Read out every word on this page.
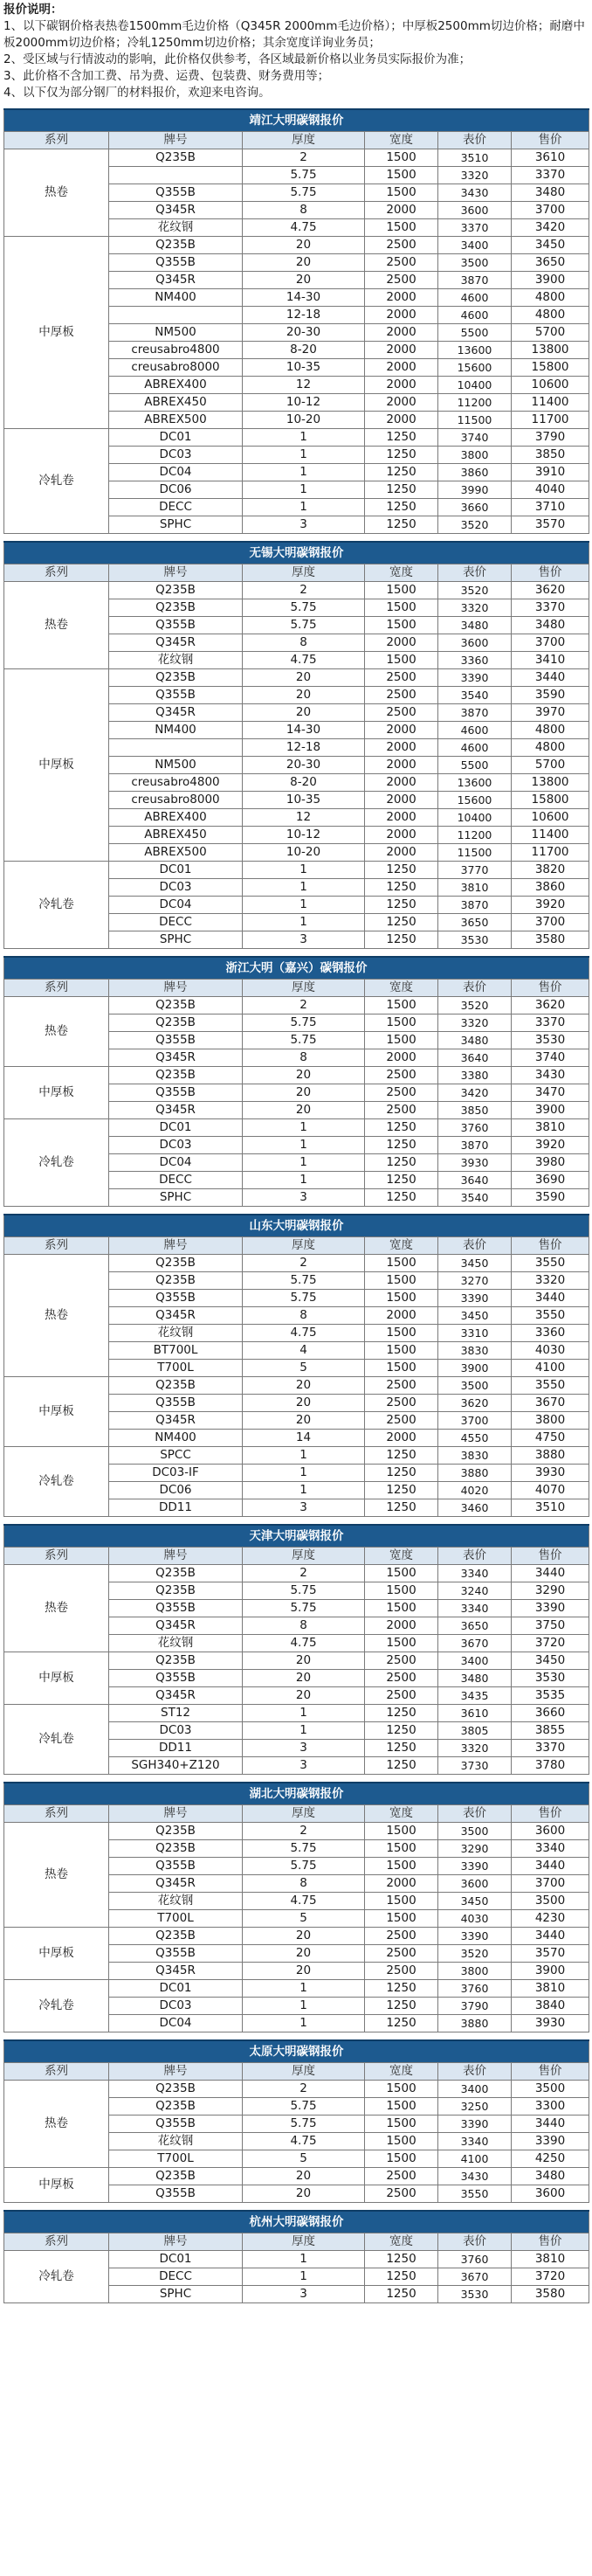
报价说明：

1、以下碳钢价格表热卷1500mm毛边价格（Q345R 2000mm毛边价格）；中厚板2500mm切边价格；耐磨中板2000mm切边价格；冷轧1250mm切边价格；其余宽度详询业务员；

2、受区域与行情波动的影响，此价格仅供参考，各区域最新价格以业务员实际报价为准；

3、此价格不含加工费、吊为费、运费、包装费、财务费用等；

4、以下仅为部分钢厂的材料报价，欢迎来电咨询。

靖江大明碳钢报价					
系列	牌号	厚度	宽度	表价	售价
热卷	Q235B	2	1500	3510	3610
		5.75	1500	3320	3370
	Q355B	5.75	1500	3430	3480
	Q345R	8	2000	3600	3700
	花纹钢	4.75	1500	3370	3420
中厚板	Q235B	20	2500	3400	3450
	Q355B	20	2500	3500	3650
	Q345R	20	2500	3870	3900
	NM400	14-30	2000	4600	4800
		12-18	2000	4600	4800
	NM500	20-30	2000	5500	5700
	creusabro4800	8-20	2000	13600	13800
	creusabro8000	10-35	2000	15600	15800
	ABREX400	12	2000	10400	10600
	ABREX450	10-12	2000	11200	11400
	ABREX500	10-20	2000	11500	11700
冷轧卷	DC01	1	1250	3740	3790
	DC03	1	1250	3800	3850
	DC04	1	1250	3860	3910
	DC06	1	1250	3990	4040
	DECC	1	1250	3660	3710
	SPHC	3	1250	3520	3570
无锡大明碳钢报价					
系列	牌号	厚度	宽度	表价	售价
热卷	Q235B	2	1500	3520	3620
	Q235B	5.75	1500	3320	3370
	Q355B	5.75	1500	3480	3480
	Q345R	8	2000	3600	3700
	花纹钢	4.75	1500	3360	3410
中厚板	Q235B	20	2500	3390	3440
	Q355B	20	2500	3540	3590
	Q345R	20	2500	3870	3970
	NM400	14-30	2000	4600	4800
		12-18	2000	4600	4800
	NM500	20-30	2000	5500	5700
	creusabro4800	8-20	2000	13600	13800
	creusabro8000	10-35	2000	15600	15800
	ABREX400	12	2000	10400	10600
	ABREX450	10-12	2000	11200	11400
	ABREX500	10-20	2000	11500	11700
冷轧卷	DC01	1	1250	3770	3820
	DC03	1	1250	3810	3860
	DC04	1	1250	3870	3920
	DECC	1	1250	3650	3700
	SPHC	3	1250	3530	3580
浙江大明（嘉兴）碳钢报价					
系列	牌号	厚度	宽度	表价	售价
热卷	Q235B	2	1500	3520	3620
	Q235B	5.75	1500	3320	3370
	Q355B	5.75	1500	3480	3530
	Q345R	8	2000	3640	3740
中厚板	Q235B	20	2500	3380	3430
	Q355B	20	2500	3420	3470
	Q345R	20	2500	3850	3900
冷轧卷	DC01	1	1250	3760	3810
	DC03	1	1250	3870	3920
	DC04	1	1250	3930	3980
	DECC	1	1250	3640	3690
	SPHC	3	1250	3540	3590
山东大明碳钢报价					
系列	牌号	厚度	宽度	表价	售价
热卷	Q235B	2	1500	3450	3550
	Q235B	5.75	1500	3270	3320
	Q355B	5.75	1500	3390	3440
	Q345R	8	2000	3450	3550
	花纹钢	4.75	1500	3310	3360
	BT700L	4	1500	3830	4030
	T700L	5	1500	3900	4100
中厚板	Q235B	20	2500	3500	3550
	Q355B	20	2500	3620	3670
	Q345R	20	2500	3700	3800
	NM400	14	2000	4550	4750
冷轧卷	SPCC	1	1250	3830	3880
	DC03-IF	1	1250	3880	3930
	DC06	1	1250	4020	4070
	DD11	3	1250	3460	3510
天津大明碳钢报价					
系列	牌号	厚度	宽度	表价	售价
热卷	Q235B	2	1500	3340	3440
	Q235B	5.75	1500	3240	3290
	Q355B	5.75	1500	3340	3390
	Q345R	8	2000	3650	3750
	花纹钢	4.75	1500	3670	3720
中厚板	Q235B	20	2500	3400	3450
	Q355B	20	2500	3480	3530
	Q345R	20	2500	3435	3535
冷轧卷	ST12	1	1250	3610	3660
	DC03	1	1250	3805	3855
	DD11	3	1250	3320	3370
	SGH340+Z120	3	1250	3730	3780
湖北大明碳钢报价					
系列	牌号	厚度	宽度	表价	售价
热卷	Q235B	2	1500	3500	3600
	Q235B	5.75	1500	3290	3340
	Q355B	5.75	1500	3390	3440
	Q345R	8	2000	3600	3700
	花纹钢	4.75	1500	3450	3500
	T700L	5	1500	4030	4230
中厚板	Q235B	20	2500	3390	3440
	Q355B	20	2500	3520	3570
	Q345R	20	2500	3800	3900
冷轧卷	DC01	1	1250	3760	3810
	DC03	1	1250	3790	3840
	DC04	1	1250	3880	3930
太原大明碳钢报价					
系列	牌号	厚度	宽度	表价	售价
热卷	Q235B	2	1500	3400	3500
	Q235B	5.75	1500	3250	3300
	Q355B	5.75	1500	3390	3440
	花纹钢	4.75	1500	3340	3390
	T700L	5	1500	4100	4250
中厚板	Q235B	20	2500	3430	3480
	Q355B	20	2500	3550	3600
杭州大明碳钢报价					
系列	牌号	厚度	宽度	表价	售价
冷轧卷	DC01	1	1250	3760	3810
	DECC	1	1250	3670	3720
	SPHC	3	1250	3530	3580
